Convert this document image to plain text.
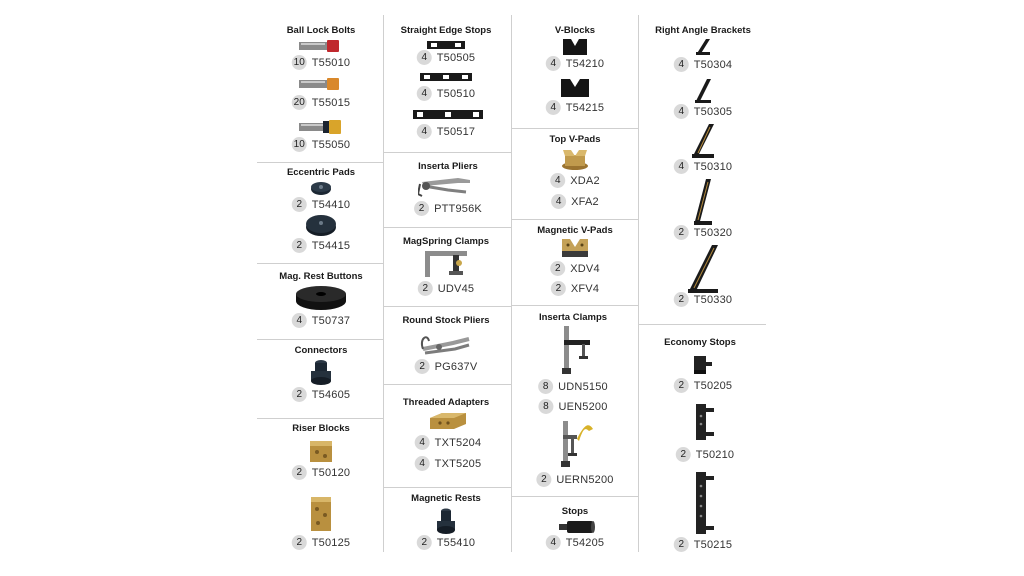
Ball Lock Bolts
10 T55010
20 T55015
10 T55050
Eccentric Pads
2 T54410
2 T54415
Mag. Rest Buttons
4 T50737
Connectors
2 T54605
Riser Blocks
2 T50120
2 T50125
Straight Edge Stops
4 T50505
4 T50510
4 T50517
Inserta Pliers
2 PTT956K
MagSpring Clamps
2 UDV45
Round Stock Pliers
2 PG637V
Threaded Adapters
4 TXT5204
4 TXT5205
Magnetic Rests
2 T55410
V-Blocks
4 T54210
4 T54215
Top V-Pads
4 XDA2
4 XFA2
Magnetic V-Pads
2 XDV4
2 XFV4
Inserta Clamps
8 UDN5150
8 UEN5200
2 UERN5200
Stops
4 T54205
Right Angle Brackets
4 T50304
4 T50305
4 T50310
2 T50320
2 T50330
Economy Stops
2 T50205
2 T50210
2 T50215
